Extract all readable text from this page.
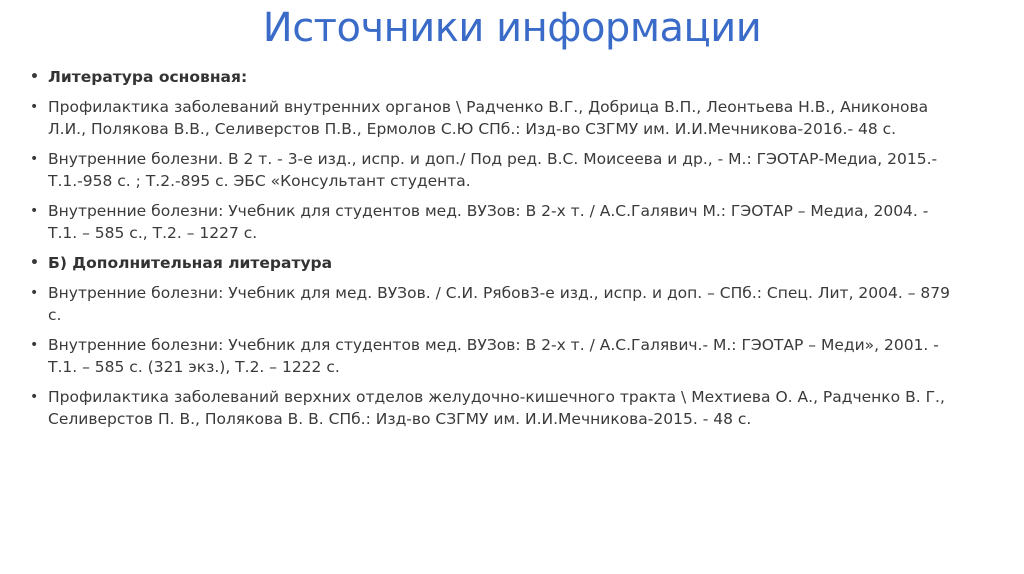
Источники информации
• Литература основная:
• Профилактика заболеваний внутренних органов \ Радченко В.Г., Добрица В.П., Леонтьева Н.В., Аниконова Л.И., Полякова В.В., Селиверстов П.В., Ермолов С.Ю СПб.: Изд-во СЗГМУ им. И.И.Мечникова-2016.- 48 с.
• Внутренние болезни. В 2 т. - 3-е изд., испр. и доп./ Под ред. В.С. Моисеева и др., - М.: ГЭОТАР-Медиа, 2015.- Т.1.-958 с. ; Т.2.-895 с. ЭБС «Консультант студента.
• Внутренние болезни: Учебник для студентов мед. ВУЗов: В 2-х т. / А.С.Галявич М.: ГЭОТАР – Медиа, 2004. - Т.1. – 585 с., Т.2. – 1227 с.
• Б) Дополнительная литература
• Внутренние болезни: Учебник для мед. ВУЗов. / С.И. Рябов3-е изд., испр. и доп. – СПб.: Спец. Лит, 2004. – 879 с.
• Внутренние болезни: Учебник для студентов мед. ВУЗов: В 2-х т. / А.С.Галявич.- М.: ГЭОТАР – Меди», 2001. - Т.1. – 585 с. (321 экз.), Т.2. – 1222 с.
• Профилактика заболеваний верхних отделов желудочно-кишечного тракта \ Мехтиева О. А., Радченко В. Г., Селиверстов П. В., Полякова В. В. СПб.: Изд-во СЗГМУ им. И.И.Мечникова-2015. - 48 с.
